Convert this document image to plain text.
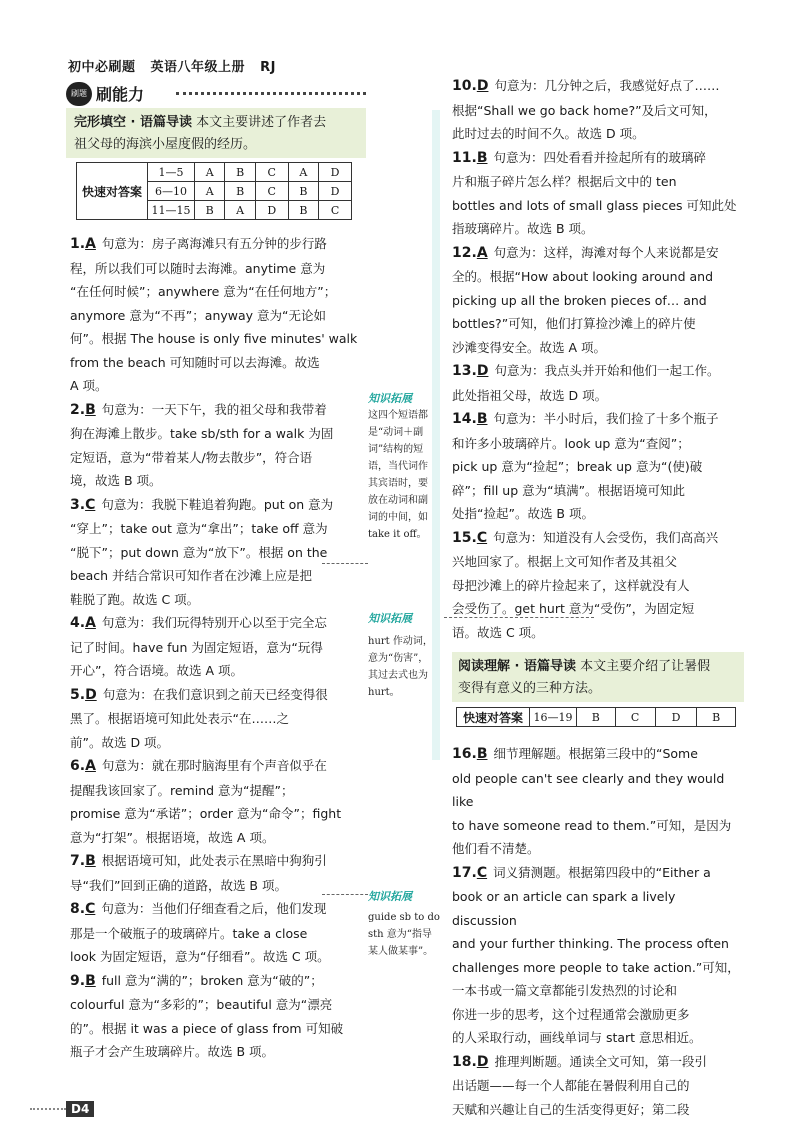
初中必刷题 英语八年级上册 RJ
刷题 刷能力
完形填空 · 语篇导读 本文主要讲述了作者去
祖父母的海滨小屋度假的经历。
快速对答案	1—5	A	B	C	A	D
	6—10	A	B	C	B	D
	11—15	B	A	D	B	C
1.A 句意为：房子离海滩只有五分钟的步行路
程，所以我们可以随时去海滩。anytime 意为
“在任何时候”；anywhere 意为“在任何地方”；
anymore 意为“不再”；anyway 意为“无论如
何”。根据 The house is only five minutes' walk
from the beach 可知随时可以去海滩。故选
A 项。
2.B 句意为：一天下午，我的祖父母和我带着
狗在海滩上散步。take sb/sth for a walk 为固
定短语，意为“带着某人/物去散步”，符合语
境，故选 B 项。
3.C 句意为：我脱下鞋追着狗跑。put on 意为
“穿上”；take out 意为“拿出”；take off 意为
“脱下”；put down 意为“放下”。根据 on the
beach 并结合常识可知作者在沙滩上应是把
鞋脱了跑。故选 C 项。
4.A 句意为：我们玩得特别开心以至于完全忘
记了时间。have fun 为固定短语，意为“玩得
开心”，符合语境。故选 A 项。
5.D 句意为：在我们意识到之前天已经变得很
黑了。根据语境可知此处表示“在……之
前”。故选 D 项。
6.A 句意为：就在那时脑海里有个声音似乎在
提醒我该回家了。remind 意为“提醒”；
promise 意为“承诺”；order 意为“命令”；fight
意为“打架”。根据语境，故选 A 项。
7.B 根据语境可知，此处表示在黑暗中狗狗引
导“我们”回到正确的道路，故选 B 项。
8.C 句意为：当他们仔细查看之后，他们发现
那是一个破瓶子的玻璃碎片。take a close
look 为固定短语，意为“仔细看”。故选 C 项。
9.B full 意为“满的”；broken 意为“破的”；
colourful 意为“多彩的”；beautiful 意为“漂亮
的”。根据 it was a piece of glass from 可知破
瓶子才会产生玻璃碎片。故选 B 项。
知识拓展
这四个短语都
是“动词＋副
词”结构的短
语，当代词作
其宾语时，要
放在动词和副
词的中间，如
take it off。
知识拓展
hurt 作动词，
意为“伤害”，
其过去式也为
hurt。
知识拓展
guide sb to do
sth 意为“指导
某人做某事”。
10.D 句意为：几分钟之后，我感觉好点了……
根据“Shall we go back home?”及后文可知，
此时过去的时间不久。故选 D 项。
11.B 句意为：四处看看并捡起所有的玻璃碎
片和瓶子碎片怎么样？根据后文中的 ten
bottles and lots of small glass pieces 可知此处
指玻璃碎片。故选 B 项。
12.A 句意为：这样，海滩对每个人来说都是安
全的。根据“How about looking around and
picking up all the broken pieces of… and
bottles?”可知，他们打算捡沙滩上的碎片使
沙滩变得安全。故选 A 项。
13.D 句意为：我点头并开始和他们一起工作。
此处指祖父母，故选 D 项。
14.B 句意为：半小时后，我们捡了十多个瓶子
和许多小玻璃碎片。look up 意为“查阅”；
pick up 意为“捡起”；break up 意为“(使)破
碎”；fill up 意为“填满”。根据语境可知此
处指“捡起”。故选 B 项。
15.C 句意为：知道没有人会受伤，我们高高兴
兴地回家了。根据上文可知作者及其祖父
母把沙滩上的碎片捡起来了，这样就没有人
会受伤了。get hurt 意为“受伤”，为固定短
语。故选 C 项。
阅读理解 · 语篇导读 本文主要介绍了让暑假
变得有意义的三种方法。
快速对答案	16—19	B	C	D	B
16.B 细节理解题。根据第三段中的“Some
old people can't see clearly and they would like
to have someone read to them.”可知，是因为
他们看不清楚。
17.C 词义猜测题。根据第四段中的“Either a
book or an article can spark a lively discussion
and your further thinking. The process often
challenges more people to take action.”可知，
一本书或一篇文章都能引发热烈的讨论和
你进一步的思考，这个过程通常会激励更多
的人采取行动，画线单词与 start 意思相近。
18.D 推理判断题。通读全文可知，第一段引
出话题——每一个人都能在暑假利用自己的
天赋和兴趣让自己的生活变得更好；第二段
D4
